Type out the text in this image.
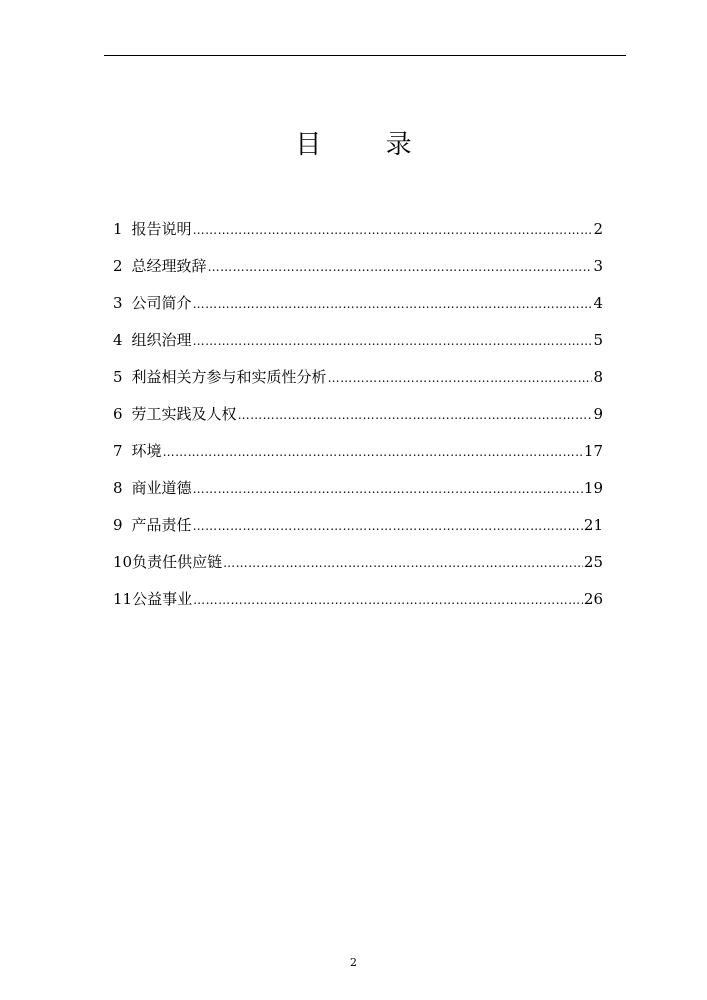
目 录
1 报告说明 ………………………………………………………………………………………………………………………………………………………………	2
2 总经理致辞 ………………………………………………………………………………………………………………………………………………………………	3
3 公司简介 ………………………………………………………………………………………………………………………………………………………………	4
4 组织治理 ………………………………………………………………………………………………………………………………………………………………	5
5 利益相关方参与和实质性分析 ………………………………………………………………………………………………………………………………………………………………	8
6 劳工实践及人权 ………………………………………………………………………………………………………………………………………………………………	9
7 环境 ………………………………………………………………………………………………………………………………………………………………	17
8 商业道德 ………………………………………………………………………………………………………………………………………………………………	19
9 产品责任 ………………………………………………………………………………………………………………………………………………………………	21
10 负责任供应链 ………………………………………………………………………………………………………………………………………………………………	25
11 公益事业 ………………………………………………………………………………………………………………………………………………………………	26
2
